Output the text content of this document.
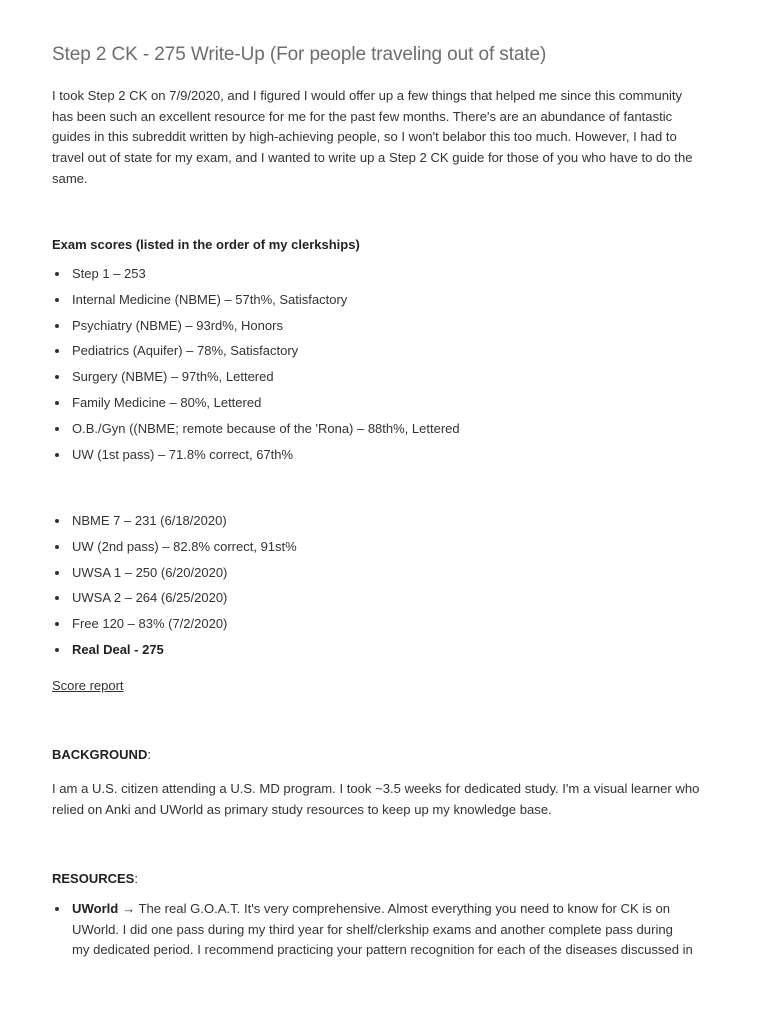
Step 2 CK - 275 Write-Up (For people traveling out of state)

I took Step 2 CK on 7/9/2020, and I figured I would offer up a few things that helped me since this community
has been such an excellent resource for me for the past few months. There's are an abundance of fantastic
guides in this subreddit written by high-achieving people, so I won't belabor this too much. However, I had to
travel out of state for my exam, and I wanted to write up a Step 2 CK guide for those of you who have to do the
same.

Exam scores (listed in the order of my clerkships)

Step 1 – 253
Internal Medicine (NBME) – 57th%, Satisfactory
Psychiatry (NBME) – 93rd%, Honors
Pediatrics (Aquifer) – 78%, Satisfactory
Surgery (NBME) – 97th%, Lettered
Family Medicine – 80%, Lettered
O.B./Gyn ((NBME; remote because of the 'Rona) – 88th%, Lettered
UW (1st pass) – 71.8% correct, 67th%
NBME 7 – 231 (6/18/2020)
UW (2nd pass) – 82.8% correct, 91st%
UWSA 1 – 250 (6/20/2020)
UWSA 2 – 264 (6/25/2020)
Free 120 – 83% (7/2/2020)
Real Deal - 275
Score report

BACKGROUND:

I am a U.S. citizen attending a U.S. MD program. I took ~3.5 weeks for dedicated study. I'm a visual learner who
relied on Anki and UWorld as primary study resources to keep up my knowledge base.

RESOURCES:

UWorld → The real G.O.A.T. It's very comprehensive. Almost everything you need to know for CK is on
UWorld. I did one pass during my third year for shelf/clerkship exams and another complete pass during
my dedicated period. I recommend practicing your pattern recognition for each of the diseases discussed in
